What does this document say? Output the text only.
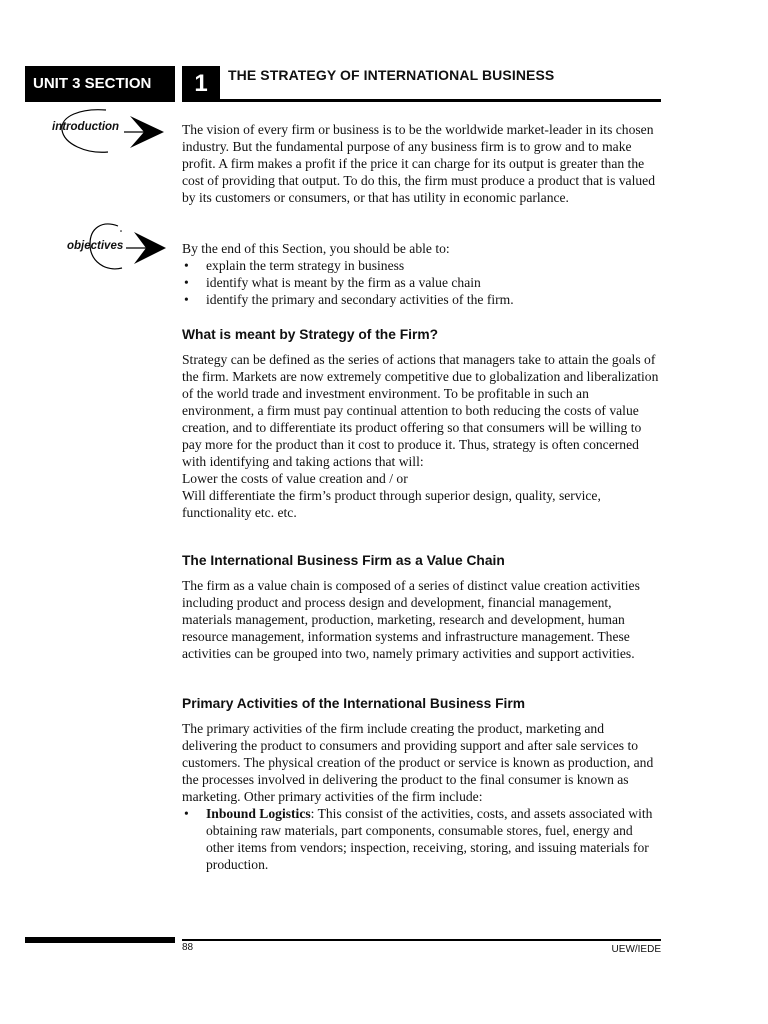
UNIT 3 SECTION	1	THE STRATEGY OF INTERNATIONAL BUSINESS
introduction
objectives

The vision of every firm or business is to be the worldwide market-leader in its chosen industry. But the fundamental purpose of any business firm is to grow and to make profit. A firm makes a profit if the price it can charge for its output is greater than the cost of providing that output. To do this, the firm must produce a product that is valued by its customers or consumers, or that has utility in economic parlance.

By the end of this Section, you should be able to:

• explain the term strategy in business
• identify what is meant by the firm as a value chain
• identify the primary and secondary activities of the firm.
What is meant by Strategy of the Firm?

Strategy can be defined as the series of actions that managers take to attain the goals of the firm. Markets are now extremely competitive due to globalization and liberalization of the world trade and investment environment. To be profitable in such an environment, a firm must pay continual attention to both reducing the costs of value creation, and to differentiate its product offering so that consumers will be willing to pay more for the product than it cost to produce it. Thus, strategy is often concerned with identifying and taking actions that will:

Lower the costs of value creation and / or

Will differentiate the firm’s product through superior design, quality, service, functionality etc. etc.

The International Business Firm as a Value Chain

The firm as a value chain is composed of a series of distinct value creation activities including product and process design and development, financial management, materials management, production, marketing, research and development, human resource management, information systems and infrastructure management. These activities can be grouped into two, namely primary activities and support activities.

Primary Activities of the International Business Firm

The primary activities of the firm include creating the product, marketing and delivering the product to consumers and providing support and after sale services to customers. The physical creation of the product or service is known as production, and the processes involved in delivering the product to the final consumer is known as marketing. Other primary activities of the firm include:

• Inbound Logistics: This consist of the activities, costs, and assets associated with obtaining raw materials, part components, consumable stores, fuel, energy and other items from vendors; inspection, receiving, storing, and issuing materials for production.
88	UEW/IEDE
